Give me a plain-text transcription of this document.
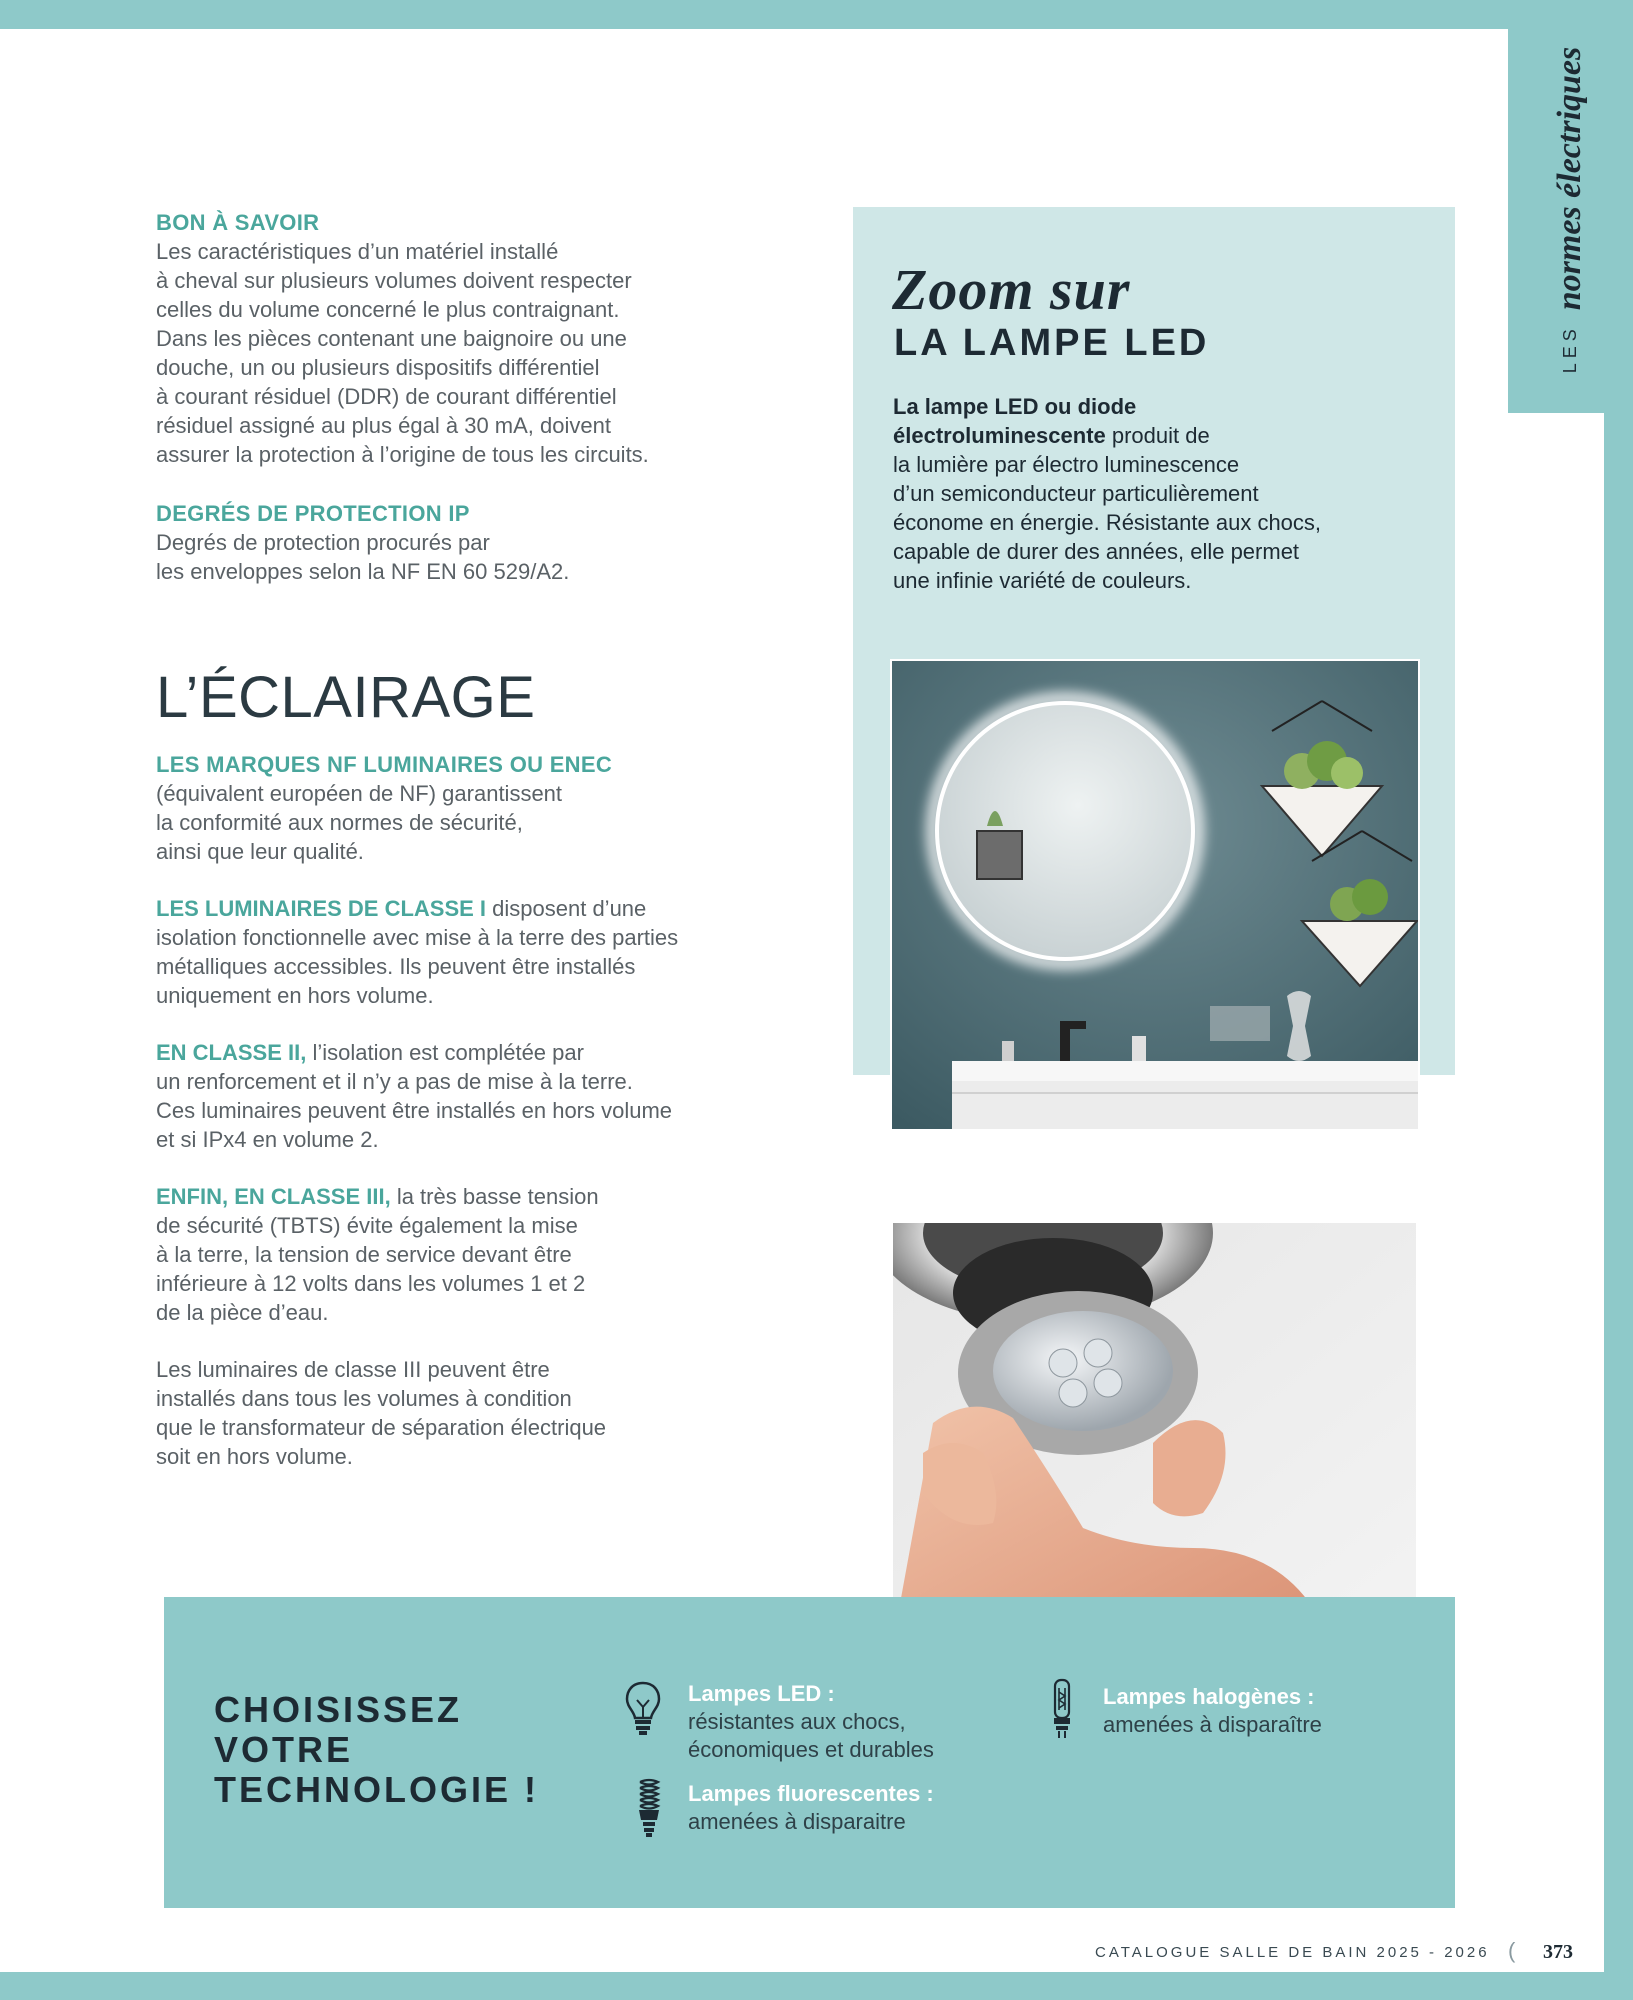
LESnormes électriques
BON À SAVOIR
Les caractéristiques d’un matériel installé
à cheval sur plusieurs volumes doivent respecter
celles du volume concerné le plus contraignant.
Dans les pièces contenant une baignoire ou une
douche, un ou plusieurs dispositifs différentiel
à courant résiduel (DDR) de courant différentiel
résiduel assigné au plus égal à 30 mA, doivent
assurer la protection à l’origine de tous les circuits.
DEGRÉS DE PROTECTION IP
Degrés de protection procurés par
les enveloppes selon la NF EN 60 529/A2.
L’ÉCLAIRAGE
LES MARQUES NF LUMINAIRES OU ENEC
(équivalent européen de NF) garantissent
la conformité aux normes de sécurité,
ainsi que leur qualité.
LES LUMINAIRES DE CLASSE I disposent d’une
isolation fonctionnelle avec mise à la terre des parties
métalliques accessibles. Ils peuvent être installés
uniquement en hors volume.
EN CLASSE II, l’isolation est complétée par
un renforcement et il n’y a pas de mise à la terre.
Ces luminaires peuvent être installés en hors volume
et si IPx4 en volume 2.
ENFIN, EN CLASSE III, la très basse tension
de sécurité (TBTS) évite également la mise
à la terre, la tension de service devant être
inférieure à 12 volts dans les volumes 1 et 2
de la pièce d’eau.
Les luminaires de classe III peuvent être
installés dans tous les volumes à condition
que le transformateur de séparation électrique
soit en hors volume.
Zoom sur
LA LAMPE LED
La lampe LED ou diode
électroluminescente produit de
la lumière par électro luminescence
d’un semiconducteur particulièrement
économe en énergie. Résistante aux chocs,
capable de durer des années, elle permet
une infinie variété de couleurs.
CHOISISSEZ
VOTRE
TECHNOLOGIE !
Lampes LED :
résistantes aux chocs,
économiques et durables
Lampes fluorescentes :
amenées à disparaitre
Lampes halogènes :
amenées à disparaître
CATALOGUE SALLE DE BAIN 2025 - 2026 ( 373
